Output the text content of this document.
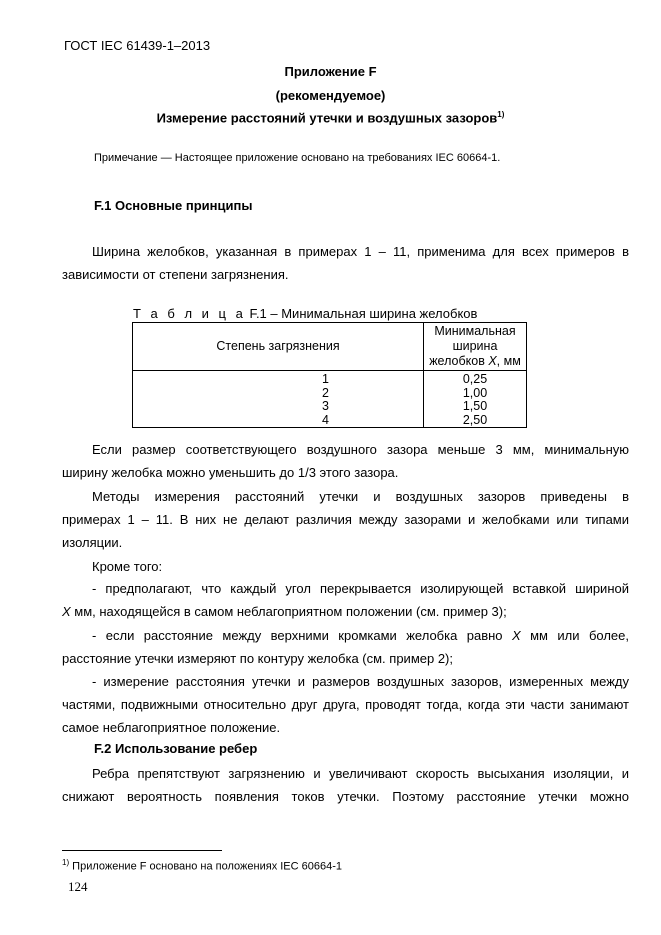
ГОСТ IEC 61439-1–2013
Приложение F
(рекомендуемое)
Измерение расстояний утечки и воздушных зазоров$^{1)}$
Примечание — Настоящее приложение основано на требованиях IEC 60664-1.
F.1 Основные принципы
Ширина желобков, указанная в примерах 1 – 11, применима для всех примеров в
зависимости от степени загрязнения.
Т а б л и ц а F.1 – Минимальная ширина желобков
Степень загрязнения	Минимальная ширина
желобков X, мм
1	0,25
2	1,00
3	1,50
4	2,50
Если размер соответствующего воздушного зазора меньше 3 мм, минимальную
ширину желобка можно уменьшить до 1/3 этого зазора.
Методы измерения расстояний утечки и воздушных зазоров приведены в
примерах 1 – 11. В них не делают различия между зазорами и желобками или типами
изоляции.
Кроме того:
- предполагают, что каждый угол перекрывается изолирующей вставкой шириной
X мм, находящейся в самом неблагоприятном положении (см. пример 3);
- если расстояние между верхними кромками желобка равно X мм или более,
расстояние утечки измеряют по контуру желобка (см. пример 2);
- измерение расстояния утечки и размеров воздушных зазоров, измеренных между
частями, подвижными относительно друг друга, проводят тогда, когда эти части занимают
самое неблагоприятное положение.
F.2 Использование ребер
Ребра препятствуют загрязнению и увеличивают скорость высыхания изоляции, и
снижают вероятность появления токов утечки. Поэтому расстояние утечки можно
$^{1)}$ Приложение F основано на положениях IEC 60664-1
124
